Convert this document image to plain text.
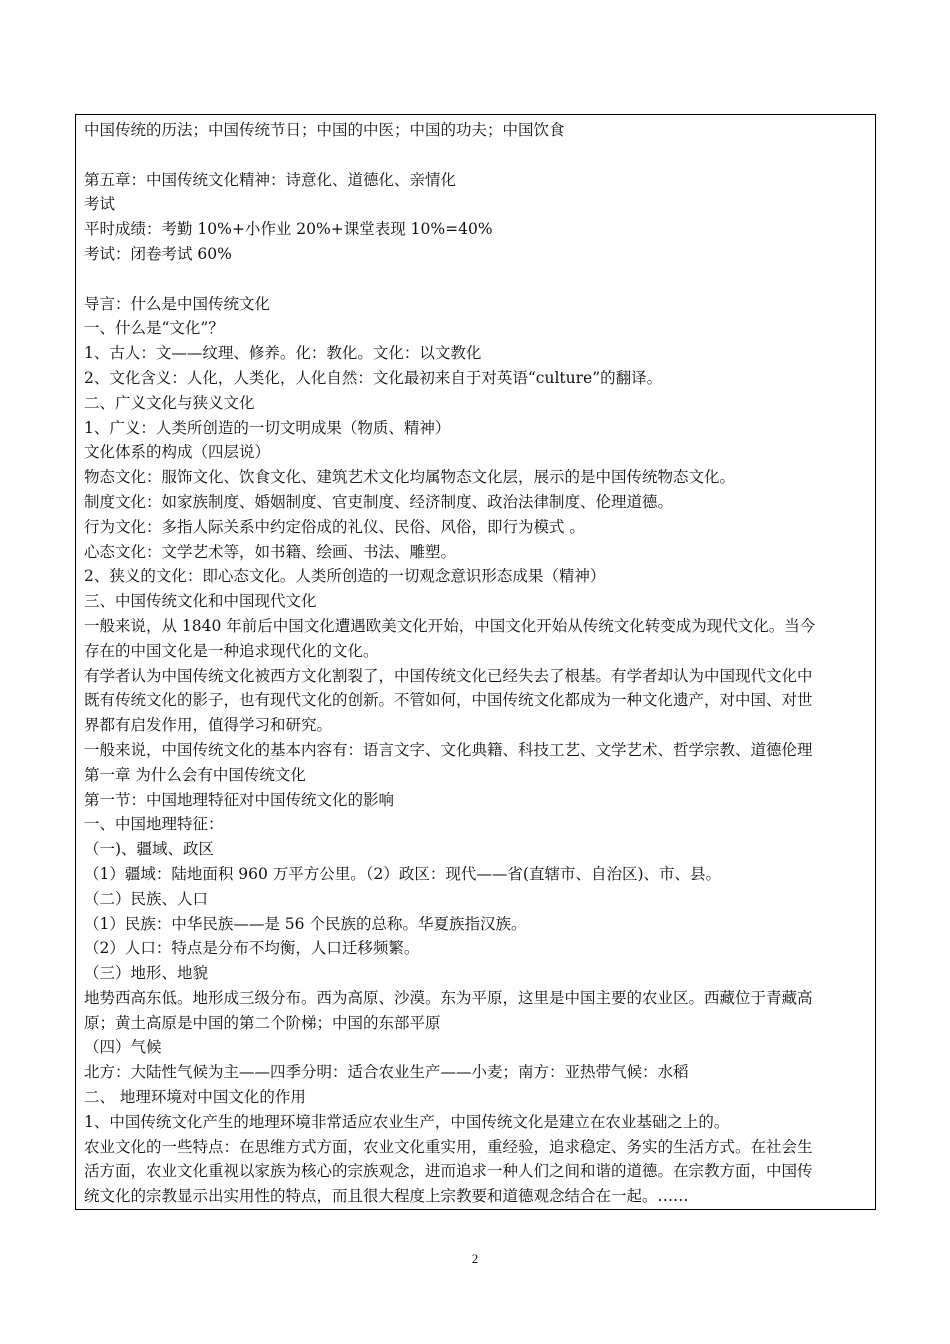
中国传统的历法；中国传统节日；中国的中医；中国的功夫；中国饮食
第五章：中国传统文化精神：诗意化、道德化、亲情化
考试
平时成绩：考勤 10%+小作业 20%+课堂表现 10%=40%
考试：闭卷考试 60%
导言：什么是中国传统文化
一、什么是“文化”？
1、古人：文——纹理、修养。化：教化。文化：以文教化
2、文化含义：人化，人类化，人化自然：文化最初来自于对英语“culture”的翻译。
二、广义文化与狭义文化
1、广义：人类所创造的一切文明成果（物质、精神）
文化体系的构成（四层说）
物态文化：服饰文化、饮食文化、建筑艺术文化均属物态文化层，展示的是中国传统物态文化。
制度文化：如家族制度、婚姻制度、官吏制度、经济制度、政治法律制度、伦理道德。
行为文化：多指人际关系中约定俗成的礼仪、民俗、风俗，即行为模式 。
心态文化：文学艺术等，如书籍、绘画、书法、雕塑。
2、狭义的文化：即心态文化。人类所创造的一切观念意识形态成果（精神）
三、中国传统文化和中国现代文化
一般来说，从 1840 年前后中国文化遭遇欧美文化开始，中国文化开始从传统文化转变成为现代文化。当今
存在的中国文化是一种追求现代化的文化。
有学者认为中国传统文化被西方文化割裂了，中国传统文化已经失去了根基。有学者却认为中国现代文化中
既有传统文化的影子，也有现代文化的创新。不管如何，中国传统文化都成为一种文化遗产，对中国、对世
界都有启发作用，值得学习和研究。
一般来说，中国传统文化的基本内容有：语言文字、文化典籍、科技工艺、文学艺术、哲学宗教、道德伦理
第一章 为什么会有中国传统文化
第一节：中国地理特征对中国传统文化的影响
一、中国地理特征：
（一)、疆域、政区
（1）疆域：陆地面积 960 万平方公里。（2）政区：现代——省(直辖市、自治区)、市、县。
（二）民族、人口
（1）民族：中华民族——是 56 个民族的总称。华夏族指汉族。
（2）人口：特点是分布不均衡，人口迁移频繁。
（三）地形、地貌
地势西高东低。地形成三级分布。西为高原、沙漠。东为平原，这里是中国主要的农业区。西藏位于青藏高
原；黄土高原是中国的第二个阶梯；中国的东部平原
（四）气候
北方：大陆性气候为主——四季分明：适合农业生产——小麦；南方：亚热带气候：水稻
二、 地理环境对中国文化的作用
1、中国传统文化产生的地理环境非常适应农业生产，中国传统文化是建立在农业基础之上的。
农业文化的一些特点：在思维方式方面，农业文化重实用，重经验，追求稳定、务实的生活方式。在社会生
活方面，农业文化重视以家族为核心的宗族观念，进而追求一种人们之间和谐的道德。在宗教方面，中国传
统文化的宗教显示出实用性的特点，而且很大程度上宗教要和道德观念结合在一起。……
2
